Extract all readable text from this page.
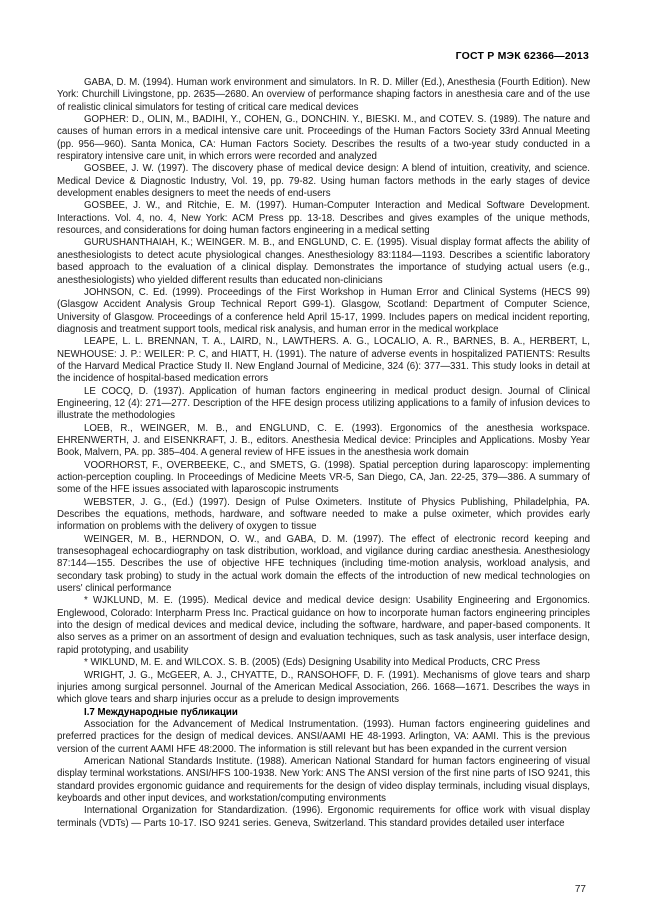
ГОСТ Р МЭК 62366—2013

GABA, D. M. (1994). Human work environment and simulators. In R. D. Miller (Ed.), Anesthesia (Fourth Edition). New York: Churchill Livingstone, pp. 2635—2680. An overview of performance shaping factors in anesthesia care and of the use of realistic clinical simulators for testing of critical care medical devices

GOPHER: D., OLIN, M., BADIHI, Y., COHEN, G., DONCHIN. Y., BIESKI. M., and COTEV. S. (1989). The nature and causes of human errors in a medical intensive care unit. Proceedings of the Human Factors Society 33rd Annual Meeting (pp. 956—960). Santa Monica, CA: Human Factors Society. Describes the results of a two-year study conducted in a respiratory intensive care unit, in which errors were recorded and analyzed

GOSBEE, J. W. (1997). The discovery phase of medical device design: A blend of intuition, creativity, and science. Medical Device & Diagnostic Industry, Vol. 19, pp. 79-82. Using human factors methods in the early stages of device development enables designers to meet the needs of end-users

GOSBEE, J. W., and Ritchie, E. M. (1997). Human-Computer Interaction and Medical Software Development. Interactions. Vol. 4, no. 4, New York: ACM Press pp. 13-18. Describes and gives examples of the unique methods, resources, and considerations for doing human factors engineering in a medical setting

GURUSHANTHAIAH, K.; WEINGER. M. B., and ENGLUND, C. E. (1995). Visual display format affects the ability of anesthesiologists to detect acute physiological changes. Anesthesiology 83:1184—1193. Describes a scientific laboratory based approach to the evaluation of a clinical display. Demonstrates the importance of studying actual users (e.g., anesthesiologists) who yielded different results than educated non-clinicians

JOHNSON, C. Ed. (1999). Proceedings of the First Workshop in Human Error and Clinical Systems (HECS 99) (Glasgow Accident Analysis Group Technical Report G99-1). Glasgow, Scotland: Department of Computer Science, University of Glasgow. Proceedings of a conference held April 15-17, 1999. Includes papers on medical incident reporting, diagnosis and treatment support tools, medical risk analysis, and human error in the medical workplace

LEAPE, L. L. BRENNAN, T. A., LAIRD, N., LAWTHERS. A. G., LOCALIO, A. R., BARNES, B. A., HERBERT, L, NEWHOUSE: J. P.: WEILER: P. C, and HIATT, H. (1991). The nature of adverse events in hospitalized PATIENTS: Results of the Harvard Medical Practice Study II. New England Journal of Medicine, 324 (6): 377—331. This study looks in detail at the incidence of hospital-based medication errors

LE COCQ, D. (1937). Application of human factors engineering in medical product design. Journal of Clinical Engineering, 12 (4): 271—277. Description of the HFE design process utilizing applications to a family of infusion devices to illustrate the methodologies

LOEB, R., WEINGER, M. B., and ENGLUND, C. E. (1993). Ergonomics of the anesthesia workspace. EHRENWERTH, J. and EISENKRAFT, J. B., editors. Anesthesia Medical device: Principles and Applications. Mosby Year Book, Malvern, PA. pp. 385–404. A general review of HFE issues in the anesthesia work domain

VOORHORST, F., OVERBEEKE, C., and SMETS, G. (1998). Spatial perception during laparoscopy: implementing action-perception coupling. In Proceedings of Medicine Meets VR-5, San Diego, CA, Jan. 22-25, 379—386. A summary of some of the HFE issues associated with laparoscopic instruments

WEBSTER, J. G., (Ed.) (1997). Design of Pulse Oximeters. Institute of Physics Publishing, Philadelphia, PA. Describes the equations, methods, hardware, and software needed to make a pulse oximeter, which provides early information on problems with the delivery of oxygen to tissue

WEINGER, M. B., HERNDON, O. W., and GABA, D. M. (1997). The effect of electronic record keeping and transesophageal echocardiography on task distribution, workload, and vigilance during cardiac anesthesia. Anesthesiology 87:144—155. Describes the use of objective HFE techniques (including time-motion analysis, workload analysis, and secondary task probing) to study in the actual work domain the effects of the introduction of new medical technologies on users' clinical performance

* WJKLUND, M. E. (1995). Medical device and medical device design: Usability Engineering and Ergonomics. Englewood, Colorado: Interpharm Press Inc. Practical guidance on how to incorporate human factors engineering principles into the design of medical devices and medical device, including the software, hardware, and paper-based components. It also serves as a primer on an assortment of design and evaluation techniques, such as task analysis, user interface design, rapid prototyping, and usability

* WIKLUND, M. E. and WILCOX. S. B. (2005) (Eds) Designing Usability into Medical Products, CRC Press

WRIGHT, J. G., McGEER, A. J., CHYATTE, D., RANSOHOFF, D. F. (1991). Mechanisms of glove tears and sharp injuries among surgical personnel. Journal of the American Medical Association, 266. 1668—1671. Describes the ways in which glove tears and sharp injuries occur as a prelude to design improvements

I.7 Международные публикации

Association for the Advancement of Medical Instrumentation. (1993). Human factors engineering guidelines and preferred practices for the design of medical devices. ANSI/AAMI HE 48-1993. Arlington, VA: AAMI. This is the previous version of the current AAMI HFE 48:2000. The information is still relevant but has been expanded in the current version

American National Standards Institute. (1988). American National Standard for human factors engineering of visual display terminal workstations. ANSI/HFS 100-1938. New York: ANS The ANSI version of the first nine parts of ISO 9241, this standard provides ergonomic guidance and requirements for the design of video display terminals, including visual displays, keyboards and other input devices, and workstation/computing environments

International Organization for Standardization. (1996). Ergonomic requirements for office work with visual display terminals (VDTs) — Parts 10-17. ISO 9241 series. Geneva, Switzerland. This standard provides detailed user interface

77
